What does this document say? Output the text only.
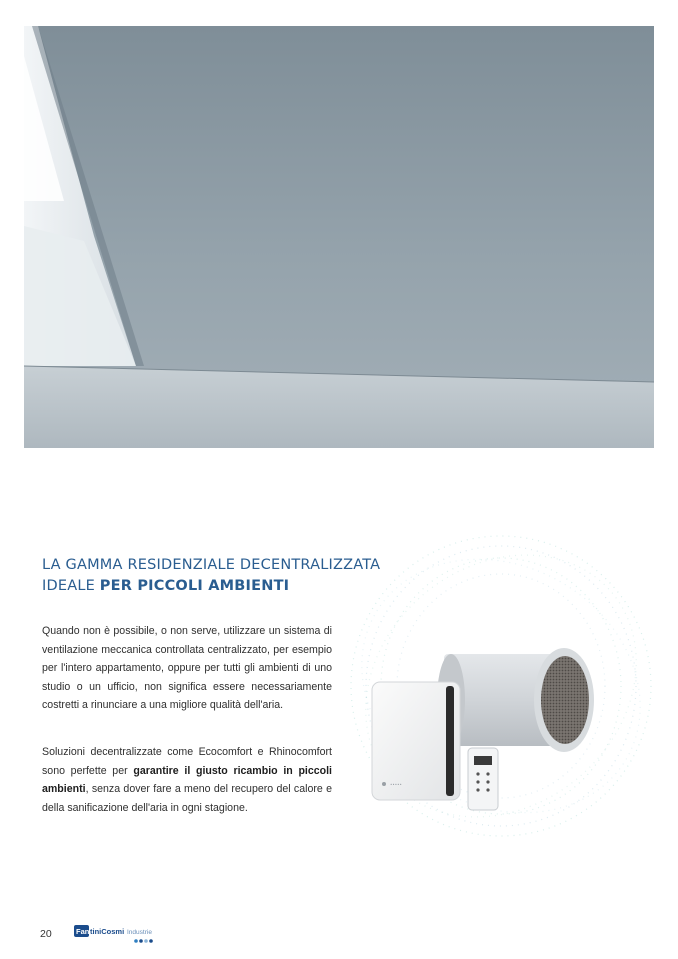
LA GAMMA RESIDENZIALE DECENTRALIZZATA
IDEALE PER PICCOLI AMBIENTI

Quando non è possibile, o non serve, utilizzare un sistema di ventilazione meccanica controllata centralizzato, per esempio per l'intero appartamento, oppure per tutti gli ambienti di uno studio o un ufficio, non significa essere necessariamente costretti a rinunciare a una migliore qualità dell'aria.

Soluzioni decentralizzate come Ecocomfort e Rhinocomfort sono perfette per garantire il giusto ricambio in piccoli ambienti, senza dover fare a meno del recupero del calore e della sanificazione dell'aria in ogni stagione.

•••••
20	Fan tiniCosmi Industrie
